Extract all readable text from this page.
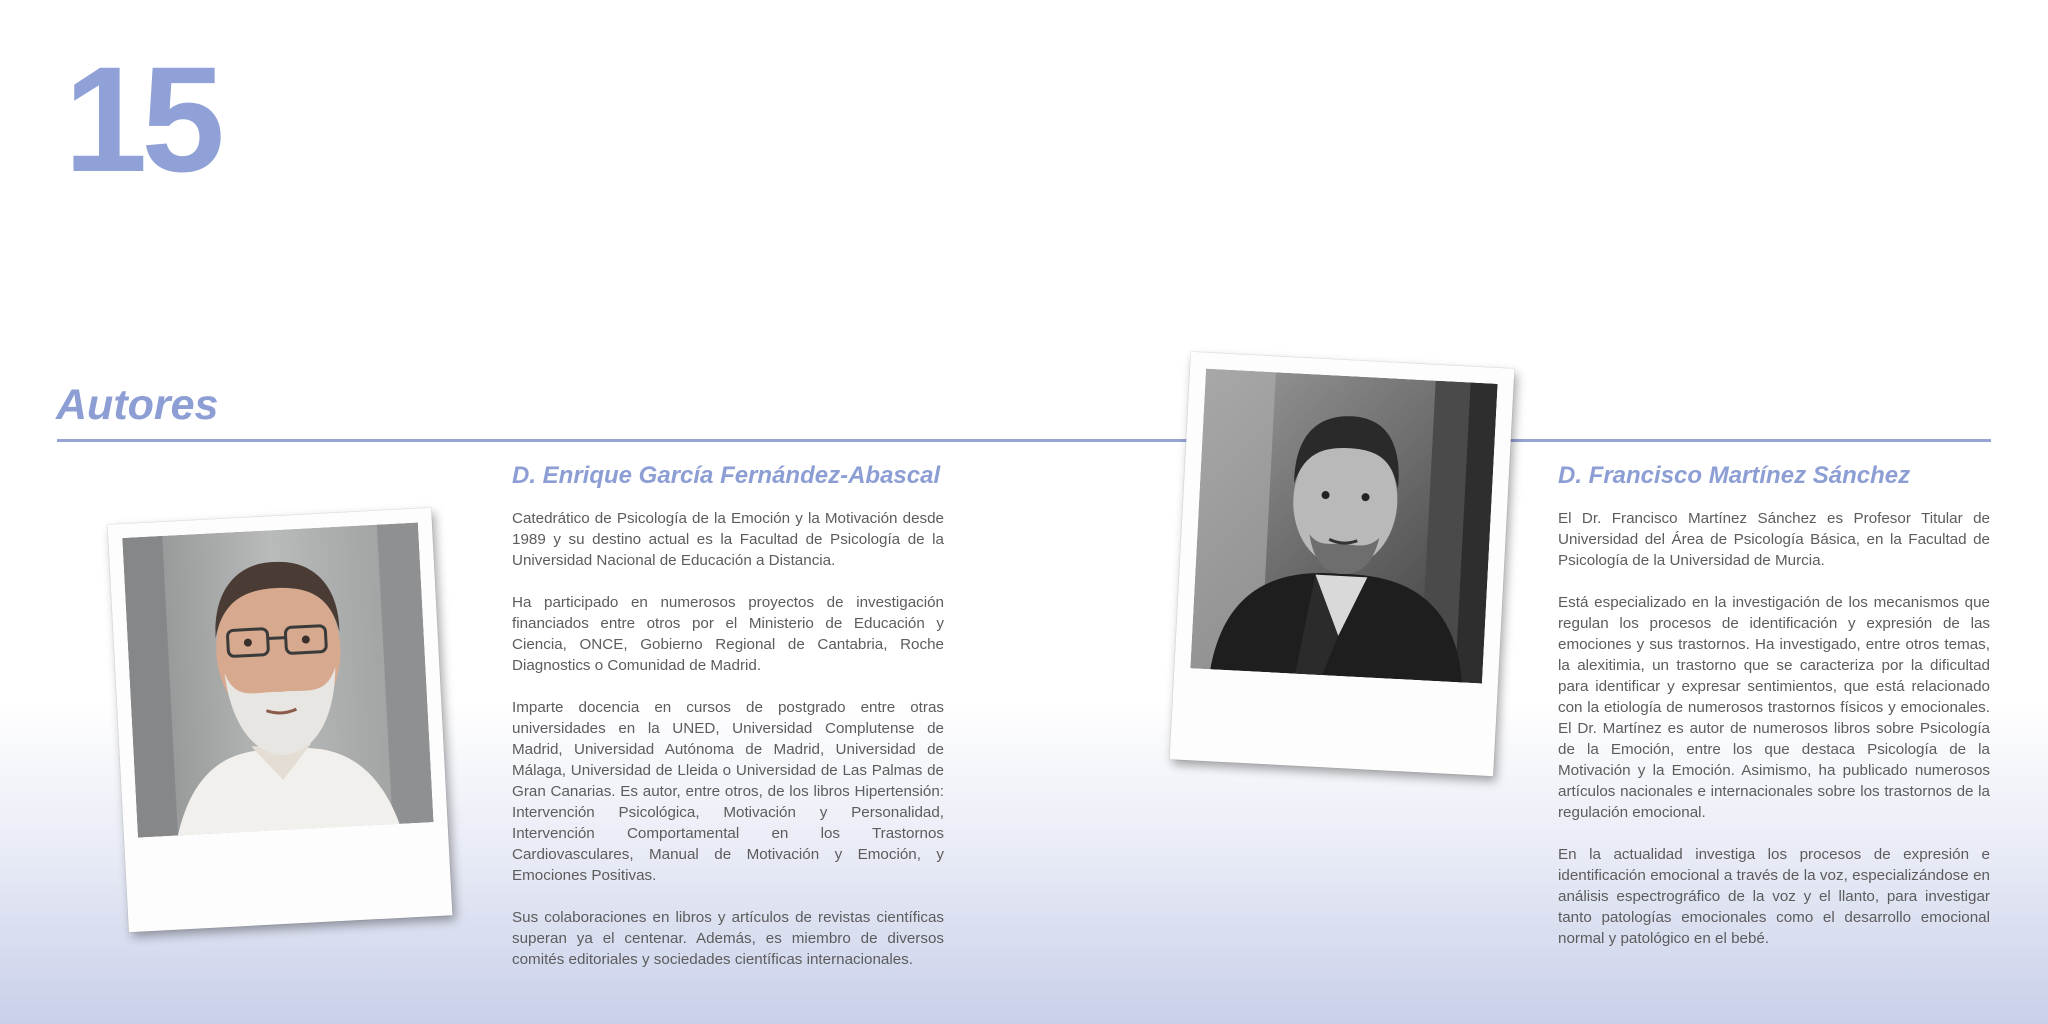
15
Autores
D. Enrique García Fernández-Abascal

Catedrático de Psicología de la Emoción y la Motivación desde 1989 y su destino actual es la Facultad de Psicología de la Universidad Nacional de Educación a Distancia.

Ha participado en numerosos proyectos de investigación financiados entre otros por el Ministerio de Educación y Ciencia, ONCE, Gobierno Regional de Cantabria, Roche Diagnostics o Comunidad de Madrid.

Imparte docencia en cursos de postgrado entre otras universidades en la UNED, Universidad Complutense de Madrid, Universidad Autónoma de Madrid, Universidad de Málaga, Universidad de Lleida o Universidad de Las Palmas de Gran Canarias. Es autor, entre otros, de los libros Hipertensión: Intervención Psicológica, Motivación y Personalidad, Intervención Comportamental en los Trastornos Cardiovasculares, Manual de Motivación y Emoción, y Emociones Positivas.

Sus colaboraciones en libros y artículos de revistas científicas superan ya el centenar. Además, es miembro de diversos comités editoriales y sociedades científicas internacionales.

D. Francisco Martínez Sánchez

El Dr. Francisco Martínez Sánchez es Profesor Titular de Universidad del Área de Psicología Básica, en la Facultad de Psicología de la Universidad de Murcia.

Está especializado en la investigación de los mecanismos que regulan los procesos de identificación y expresión de las emociones y sus trastornos. Ha investigado, entre otros temas, la alexitimia, un trastorno que se caracteriza por la dificultad para identificar y expresar sentimientos, que está relacionado con la etiología de numerosos trastornos físicos y emocionales. El Dr. Martínez es autor de numerosos libros sobre Psicología de la Emoción, entre los que destaca Psicología de la Motivación y la Emoción. Asimismo, ha publicado numerosos artículos nacionales e internacionales sobre los trastornos de la regulación emocional.

En la actualidad investiga los procesos de expresión e identificación emocional a través de la voz, especializándose en análisis espectrográfico de la voz y el llanto, para investigar tanto patologías emocionales como el desarrollo emocional normal y patológico en el bebé.
